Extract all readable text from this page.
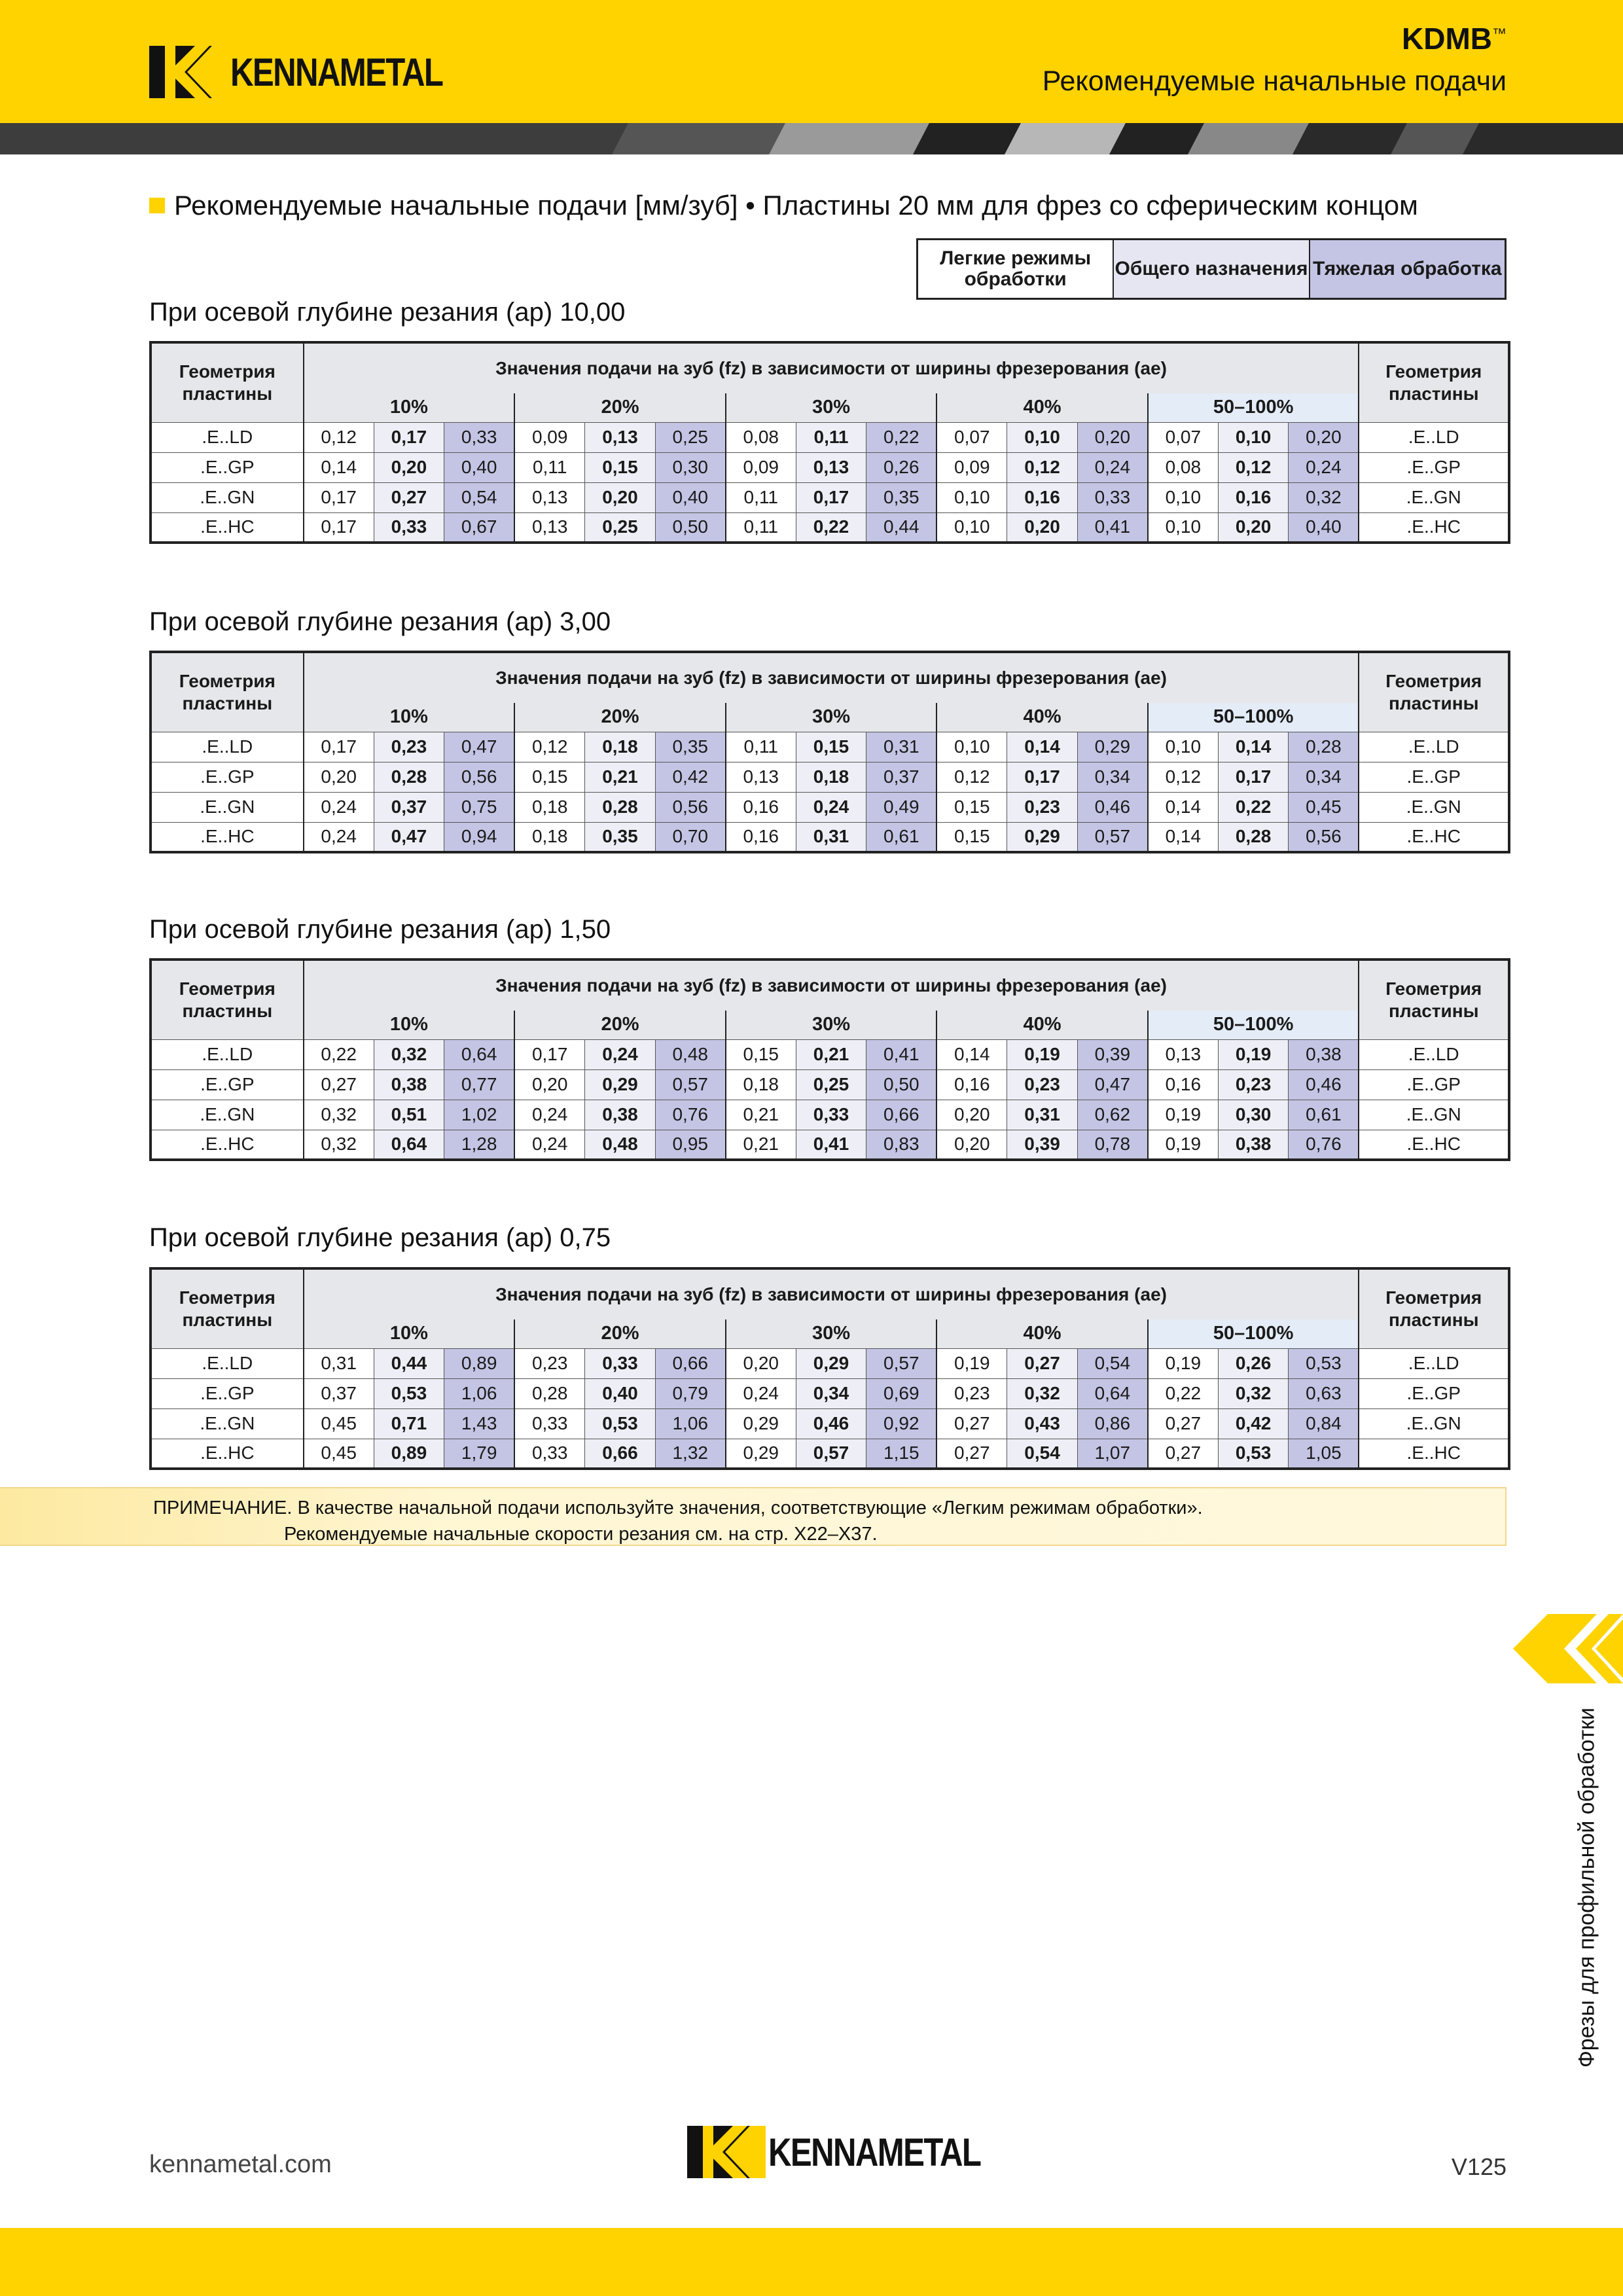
KENNAMETAL
KDMB™
Рекомендуемые начальные подачи
Рекомендуемые начальные подачи [мм/зуб] • Пластины 20 мм для фрез со сферическим концом
Легкие режимы обработки	Общего назначения Тяжелая обработка
При осевой глубине резания (ap) 10,00
Геометрия пластины	Значения подачи на зуб (fz) в зависимости от ширины фрезерования (ae)															Геометрия пластины
	10%			20%			30%			40%			50–100%			
.E..LD	0,12	0,17	0,33	0,09	0,13	0,25	0,08	0,11	0,22	0,07	0,10	0,20	0,07	0,10	0,20	.E..LD
.E..GP	0,14	0,20	0,40	0,11	0,15	0,30	0,09	0,13	0,26	0,09	0,12	0,24	0,08	0,12	0,24	.E..GP
.E..GN	0,17	0,27	0,54	0,13	0,20	0,40	0,11	0,17	0,35	0,10	0,16	0,33	0,10	0,16	0,32	.E..GN
.E..HC	0,17	0,33	0,67	0,13	0,25	0,50	0,11	0,22	0,44	0,10	0,20	0,41	0,10	0,20	0,40	.E..HC
При осевой глубине резания (ap) 3,00
Геометрия пластины	Значения подачи на зуб (fz) в зависимости от ширины фрезерования (ae)															Геометрия пластины
	10%			20%			30%			40%			50–100%			
.E..LD	0,17	0,23	0,47	0,12	0,18	0,35	0,11	0,15	0,31	0,10	0,14	0,29	0,10	0,14	0,28	.E..LD
.E..GP	0,20	0,28	0,56	0,15	0,21	0,42	0,13	0,18	0,37	0,12	0,17	0,34	0,12	0,17	0,34	.E..GP
.E..GN	0,24	0,37	0,75	0,18	0,28	0,56	0,16	0,24	0,49	0,15	0,23	0,46	0,14	0,22	0,45	.E..GN
.E..HC	0,24	0,47	0,94	0,18	0,35	0,70	0,16	0,31	0,61	0,15	0,29	0,57	0,14	0,28	0,56	.E..HC
При осевой глубине резания (ap) 1,50
Геометрия пластины	Значения подачи на зуб (fz) в зависимости от ширины фрезерования (ae)															Геометрия пластины
	10%			20%			30%			40%			50–100%			
.E..LD	0,22	0,32	0,64	0,17	0,24	0,48	0,15	0,21	0,41	0,14	0,19	0,39	0,13	0,19	0,38	.E..LD
.E..GP	0,27	0,38	0,77	0,20	0,29	0,57	0,18	0,25	0,50	0,16	0,23	0,47	0,16	0,23	0,46	.E..GP
.E..GN	0,32	0,51	1,02	0,24	0,38	0,76	0,21	0,33	0,66	0,20	0,31	0,62	0,19	0,30	0,61	.E..GN
.E..HC	0,32	0,64	1,28	0,24	0,48	0,95	0,21	0,41	0,83	0,20	0,39	0,78	0,19	0,38	0,76	.E..HC
При осевой глубине резания (ap) 0,75
Геометрия пластины	Значения подачи на зуб (fz) в зависимости от ширины фрезерования (ae)															Геометрия пластины
	10%			20%			30%			40%			50–100%			
.E..LD	0,31	0,44	0,89	0,23	0,33	0,66	0,20	0,29	0,57	0,19	0,27	0,54	0,19	0,26	0,53	.E..LD
.E..GP	0,37	0,53	1,06	0,28	0,40	0,79	0,24	0,34	0,69	0,23	0,32	0,64	0,22	0,32	0,63	.E..GP
.E..GN	0,45	0,71	1,43	0,33	0,53	1,06	0,29	0,46	0,92	0,27	0,43	0,86	0,27	0,42	0,84	.E..GN
.E..HC	0,45	0,89	1,79	0,33	0,66	1,32	0,29	0,57	1,15	0,27	0,54	1,07	0,27	0,53	1,05	.E..HC
ПРИМЕЧАНИЕ. В качестве начальной подачи используйте значения, соответствующие «Легким режимам обработки».
Рекомендуемые начальные скорости резания см. на стр. X22–X37.
Фрезы для профильной обработки
kennametal.com	KENNAMETAL	V125
